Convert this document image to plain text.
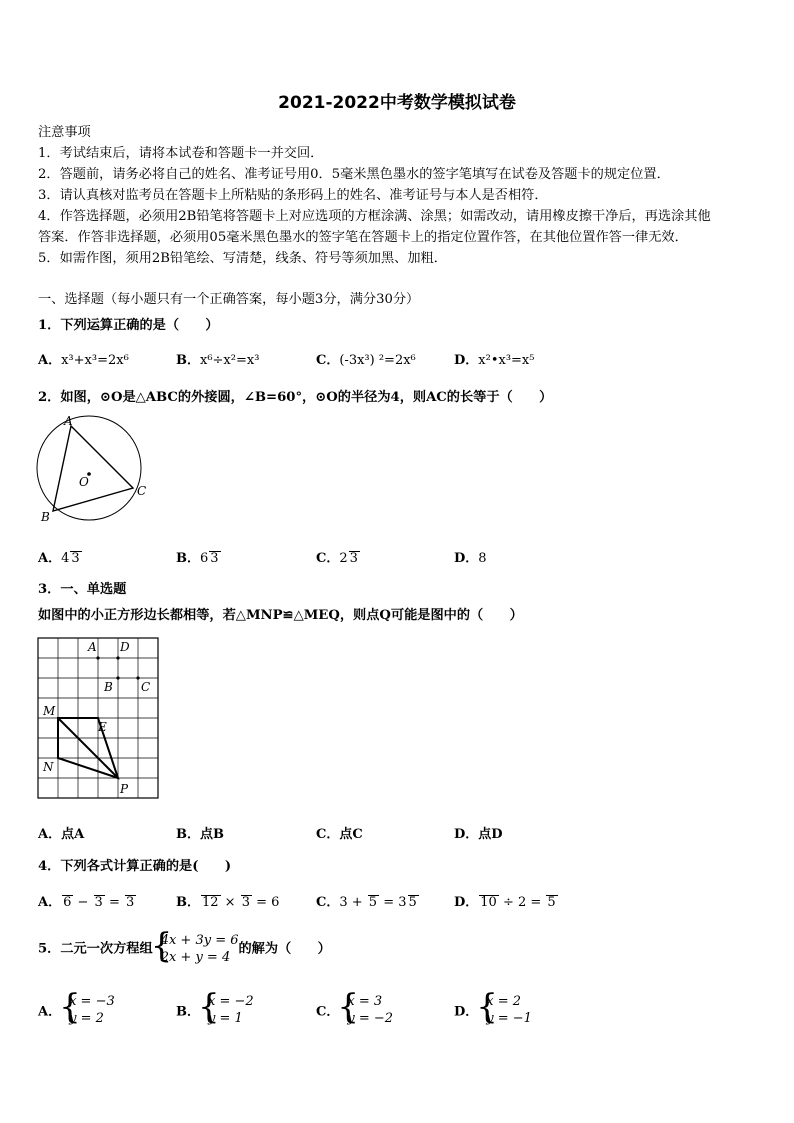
2021-2022中考数学模拟试卷
注意事项
1．考试结束后，请将本试卷和答题卡一并交回．
2．答题前，请务必将自己的姓名、准考证号用0．5毫米黑色墨水的签字笔填写在试卷及答题卡的规定位置．
3．请认真核对监考员在答题卡上所粘贴的条形码上的姓名、准考证号与本人是否相符．
4．作答选择题，必须用2B铅笔将答题卡上对应选项的方框涂满、涂黑；如需改动，请用橡皮擦干净后，再选涂其他
答案．作答非选择题，必须用05毫米黑色墨水的签字笔在答题卡上的指定位置作答，在其他位置作答一律无效．
5．如需作图，须用2B铅笔绘、写清楚，线条、符号等须加黑、加粗．
一、选择题（每小题只有一个正确答案，每小题3分，满分30分）
1．下列运算正确的是（　　）
A．x³+x³=2x⁶	B．x⁶÷x²=x³	C．(-3x³) ²=2x⁶	D．x²•x³=x⁵
2．如图，⊙O是△ABC的外接圆，∠B=60°，⊙O的半径为4，则AC的长等于（　　）
A
B
C
O
A．4 3	B．6 3	C．2 3	D．8
3．一、单选题
如图中的小正方形边长都相等，若△MNP≌△MEQ，则点Q可能是图中的（　　）
A D
B C
M
E
N
P
A．点A	B．点B	C．点C	D．点D
4．下列各式计算正确的是(　　)
A． 6 − 3 = 3	B． 12 × 3 = 6	C．3 + 5 = 3 5	D． 10 ÷ 2 = 5
5．二元一次方程组
{ 4x + 3y = 6
2x + y = 4
的解为（　　）
A．
{ x = −3
y = 2	B．
{ x = −2
y = 1	C．
{ x = 3
y = −2	D．
{ x = 2
y = −1
